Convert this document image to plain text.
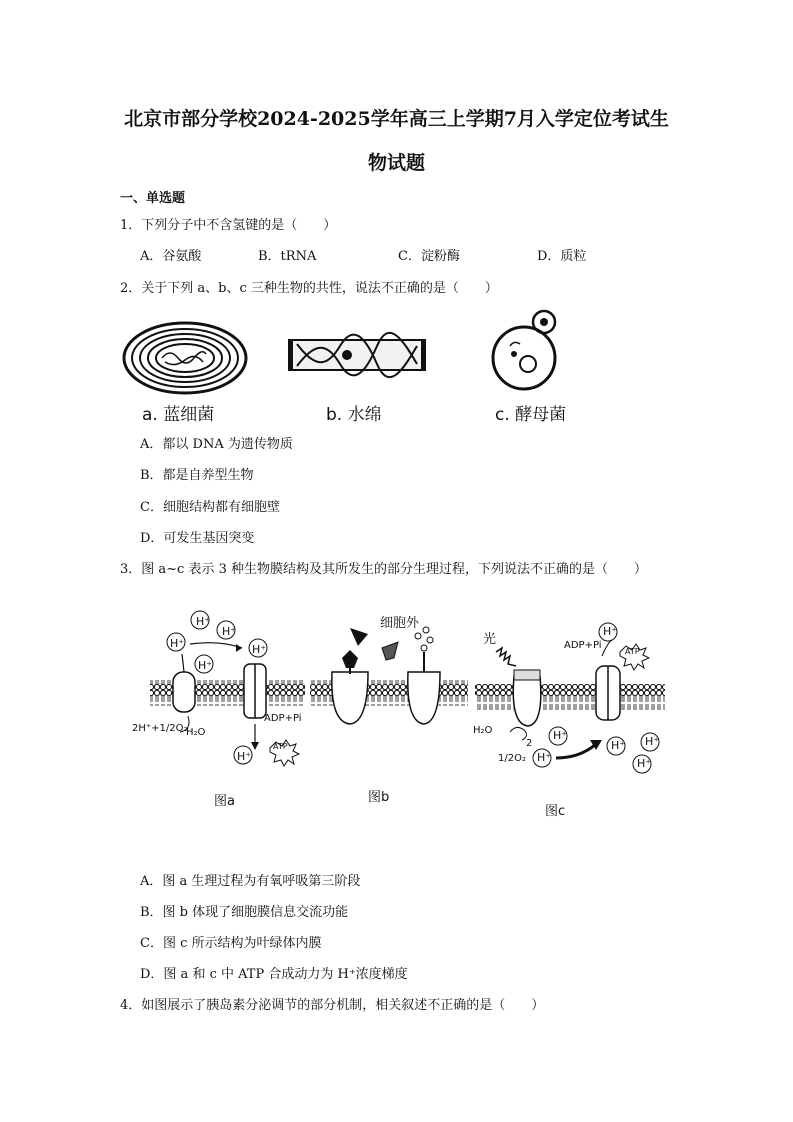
北京市部分学校2024-2025学年高三上学期7月入学定位考试生
物试题
一、单选题
1．下列分子中不含氢键的是（　　）
A．谷氨酸	B．tRNA	C．淀粉酶	D．质粒
2．关于下列 a、b、c 三种生物的共性，说法不正确的是（　　）
a. 蓝细菌	b. 水绵	c. 酵母菌
A．都以 DNA 为遗传物质
B．都是自养型生物
C．细胞结构都有细胞壁
D．可发生基因突变
3．图 a~c 表示 3 种生物膜结构及其所发生的部分生理过程，下列说法不正确的是（　　）
H⁺
H⁺
H⁺	H⁺
H⁺
H⁺
2H⁺+1/2O₂
H₂O
ADP+Pi
ATP
图a
细胞外
图b
光	ADP+Pi
ATP
H₂O
1/2O₂
2
H⁺
H⁺
H⁺
H⁺ H⁺
H⁺
图c
A．图 a 生理过程为有氧呼吸第三阶段
B．图 b 体现了细胞膜信息交流功能
C．图 c 所示结构为叶绿体内膜
D．图 a 和 c 中 ATP 合成动力为 H⁺浓度梯度
4．如图展示了胰岛素分泌调节的部分机制，相关叙述不正确的是（　　）
